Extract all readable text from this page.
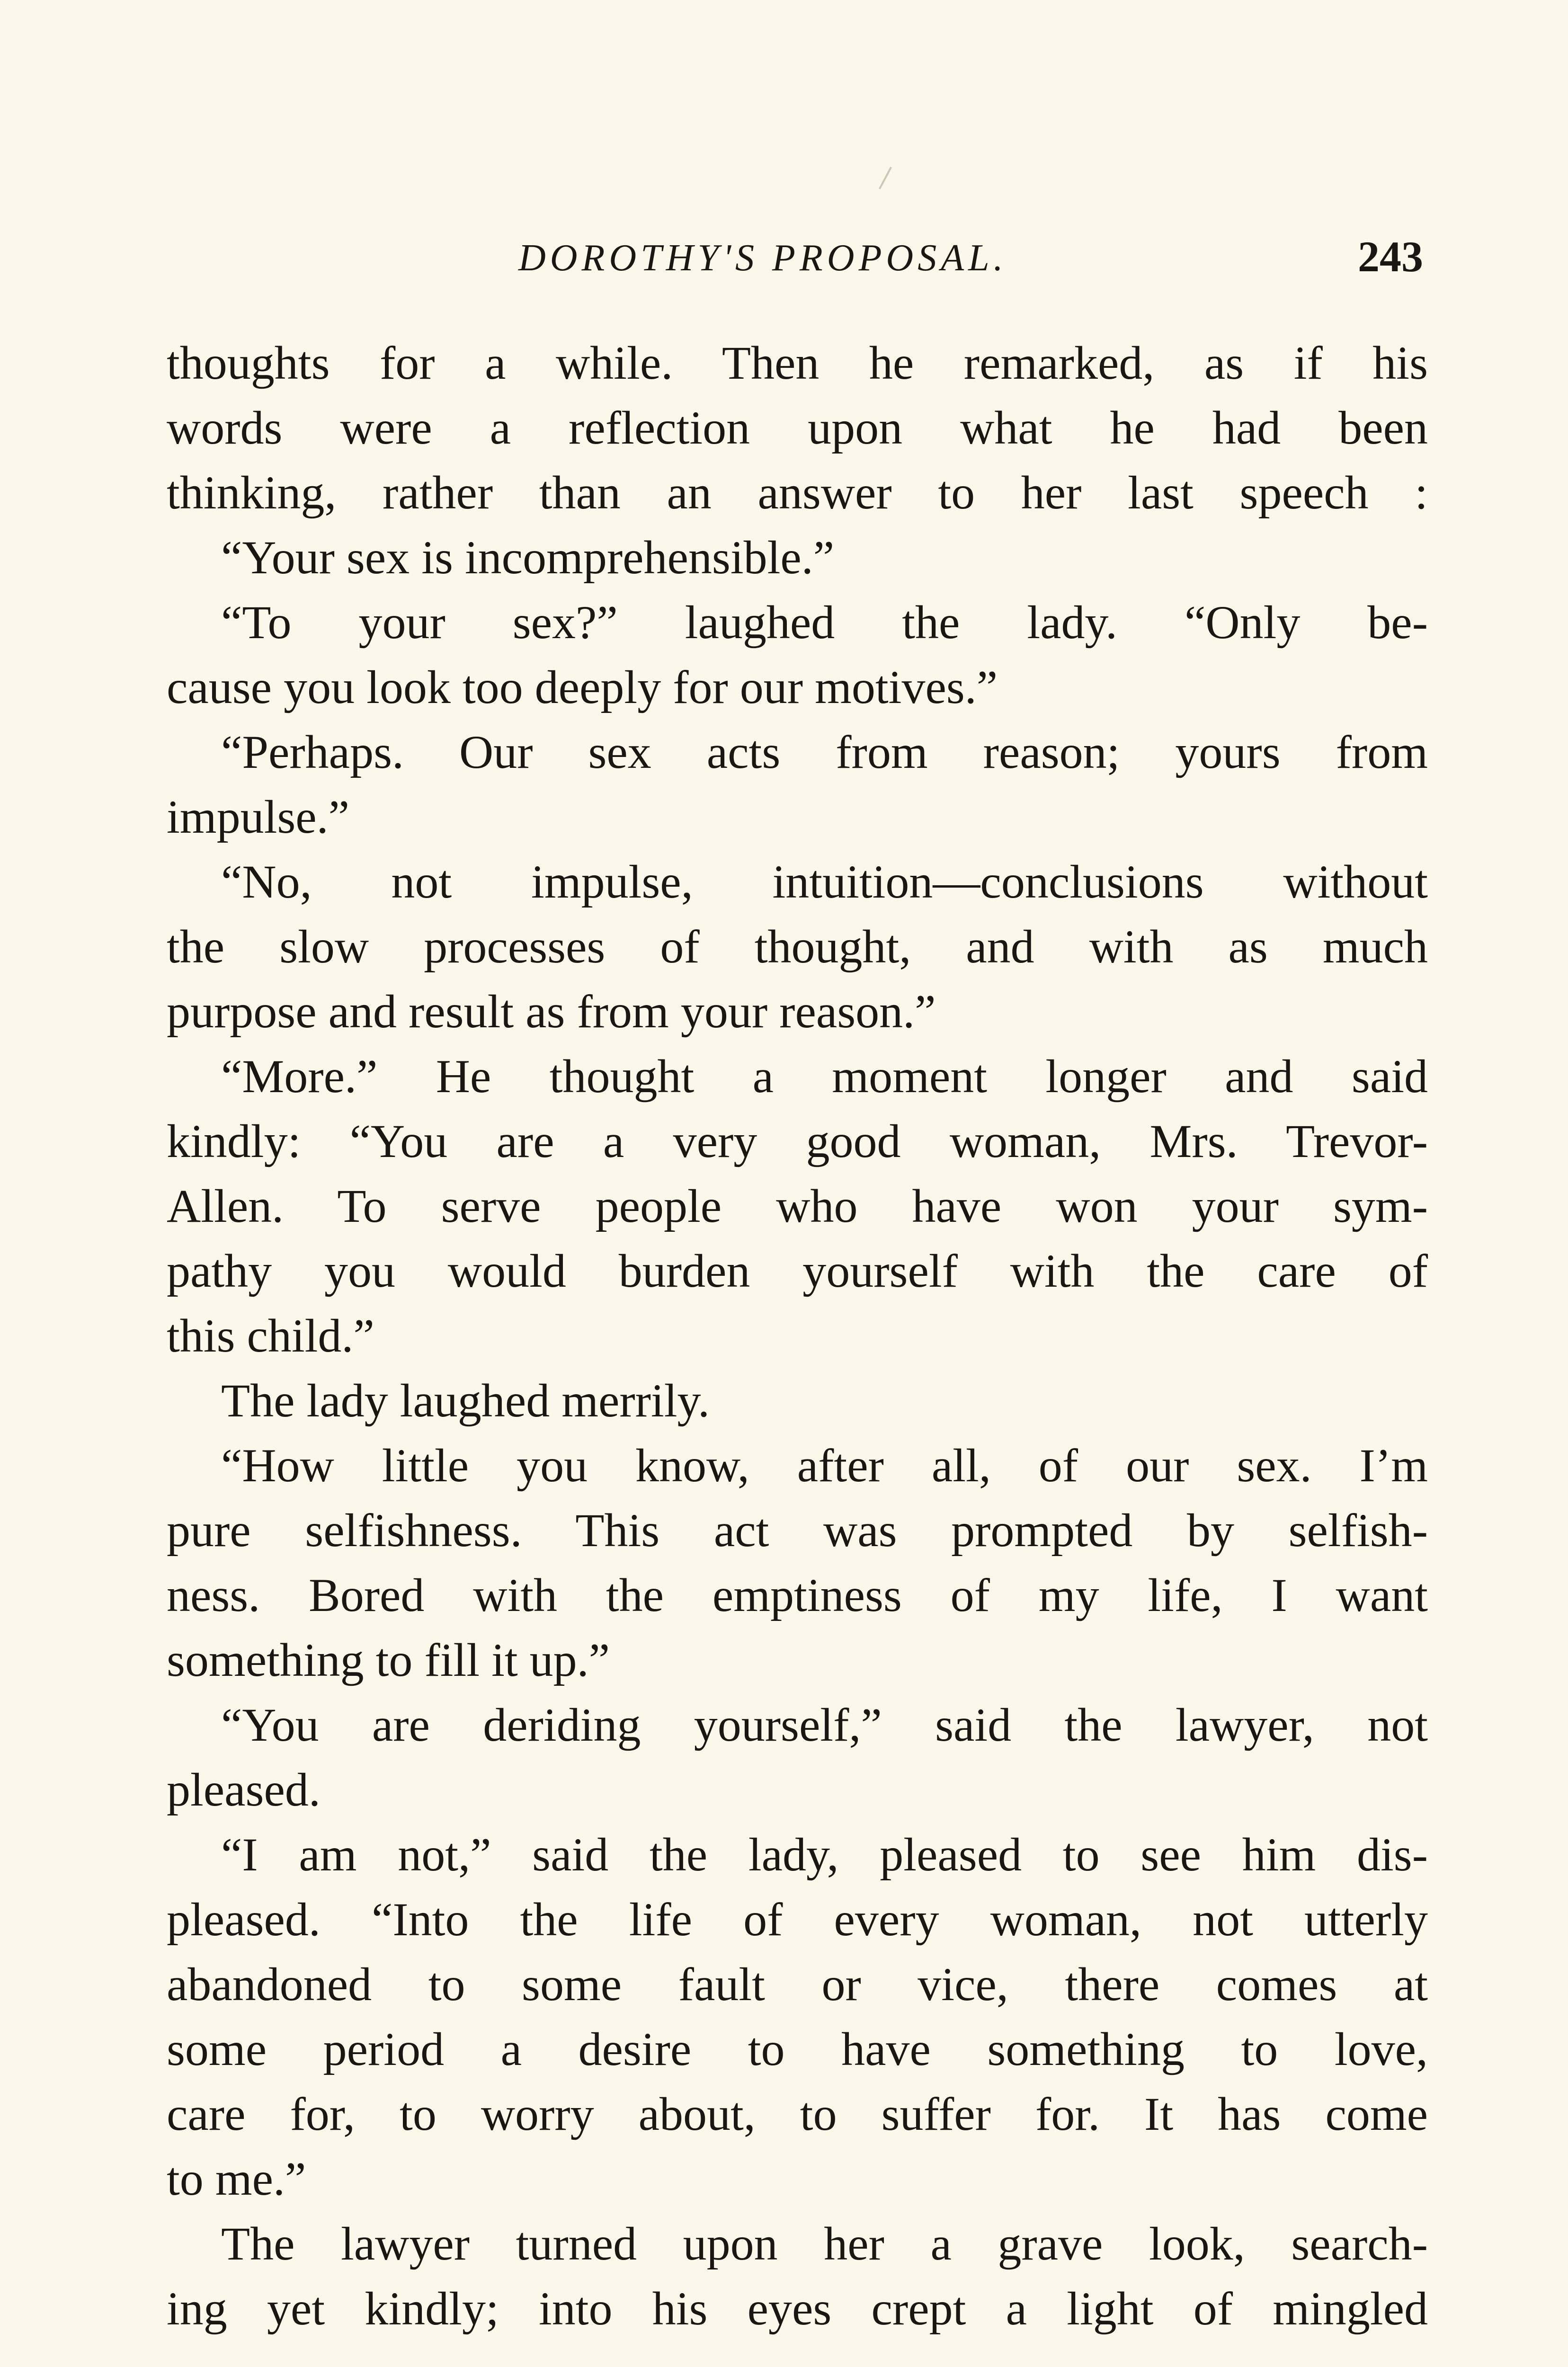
DOROTHY'S PROPOSAL.	243
thoughts for a while. Then he remarked, as if his
words were a reflection upon what he had been
thinking, rather than an answer to her last speech :
“Your sex is incomprehensible.”
“To your sex?” laughed the lady. “Only be-
cause you look too deeply for our motives.”
“Perhaps. Our sex acts from reason; yours from
impulse.”
“No, not impulse, intuition—conclusions without
the slow processes of thought, and with as much
purpose and result as from your reason.”
“More.” He thought a moment longer and said
kindly: “You are a very good woman, Mrs. Trevor-
Allen. To serve people who have won your sym-
pathy you would burden yourself with the care of
this child.”
The lady laughed merrily.
“How little you know, after all, of our sex. I’m
pure selfishness. This act was prompted by selfish-
ness. Bored with the emptiness of my life, I want
something to fill it up.”
“You are deriding yourself,” said the lawyer, not
pleased.
“I am not,” said the lady, pleased to see him dis-
pleased. “Into the life of every woman, not utterly
abandoned to some fault or vice, there comes at
some period a desire to have something to love,
care for, to worry about, to suffer for. It has come
to me.”
The lawyer turned upon her a grave look, search-
ing yet kindly; into his eyes crept a light of mingled
